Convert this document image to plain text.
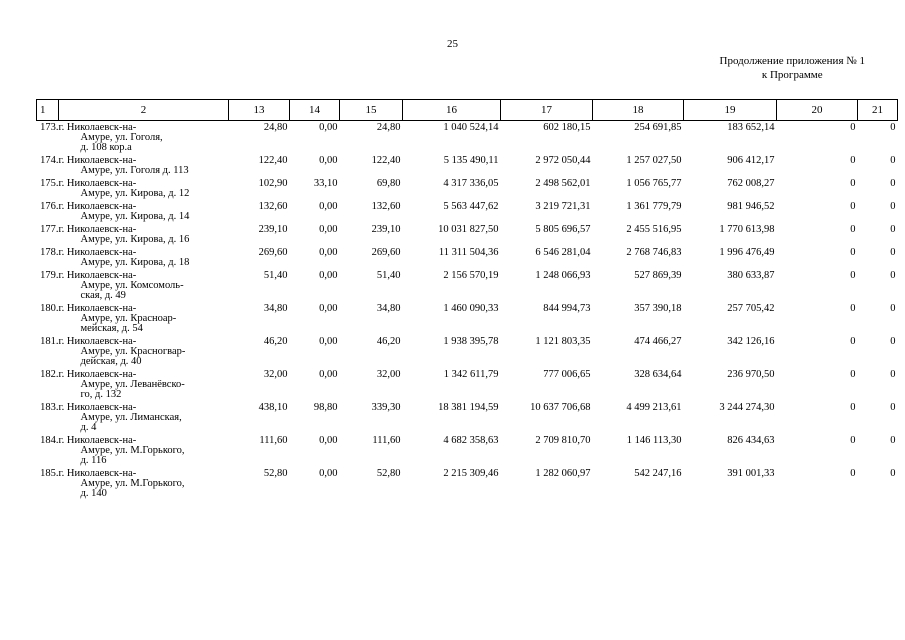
25
Продолжение приложения № 1
к Программе
1	2	13	14	15	16	17	18	19	20	21
173.	г. Николаевск-на-
Амуре, ул. Гоголя,
д. 108 кор.а	24,80	0,00	24,80	1 040 524,14	602 180,15	254 691,85	183 652,14	0	0
174.	г. Николаевск-на-
Амуре, ул. Гоголя д. 113	122,40	0,00	122,40	5 135 490,11	2 972 050,44	1 257 027,50	906 412,17	0	0
175.	г. Николаевск-на-
Амуре, ул. Кирова, д. 12	102,90	33,10	69,80	4 317 336,05	2 498 562,01	1 056 765,77	762 008,27	0	0
176.	г. Николаевск-на-
Амуре, ул. Кирова, д. 14	132,60	0,00	132,60	5 563 447,62	3 219 721,31	1 361 779,79	981 946,52	0	0
177.	г. Николаевск-на-
Амуре, ул. Кирова, д. 16	239,10	0,00	239,10	10 031 827,50	5 805 696,57	2 455 516,95	1 770 613,98	0	0
178.	г. Николаевск-на-
Амуре, ул. Кирова, д. 18	269,60	0,00	269,60	11 311 504,36	6 546 281,04	2 768 746,83	1 996 476,49	0	0
179.	г. Николаевск-на-
Амуре, ул. Комсомоль-
ская, д. 49	51,40	0,00	51,40	2 156 570,19	1 248 066,93	527 869,39	380 633,87	0	0
180.	г. Николаевск-на-
Амуре, ул. Красноар-
мейская, д. 54	34,80	0,00	34,80	1 460 090,33	844 994,73	357 390,18	257 705,42	0	0
181.	г. Николаевск-на-
Амуре, ул. Красногвар-
дейская, д. 40	46,20	0,00	46,20	1 938 395,78	1 121 803,35	474 466,27	342 126,16	0	0
182.	г. Николаевск-на-
Амуре, ул. Леванёвско-
го, д. 132	32,00	0,00	32,00	1 342 611,79	777 006,65	328 634,64	236 970,50	0	0
183.	г. Николаевск-на-
Амуре, ул. Лиманская,
д. 4	438,10	98,80	339,30	18 381 194,59	10 637 706,68	4 499 213,61	3 244 274,30	0	0
184.	г. Николаевск-на-
Амуре, ул. М.Горького,
д. 116	111,60	0,00	111,60	4 682 358,63	2 709 810,70	1 146 113,30	826 434,63	0	0
185.	г. Николаевск-на-
Амуре, ул. М.Горького,
д. 140	52,80	0,00	52,80	2 215 309,46	1 282 060,97	542 247,16	391 001,33	0	0
